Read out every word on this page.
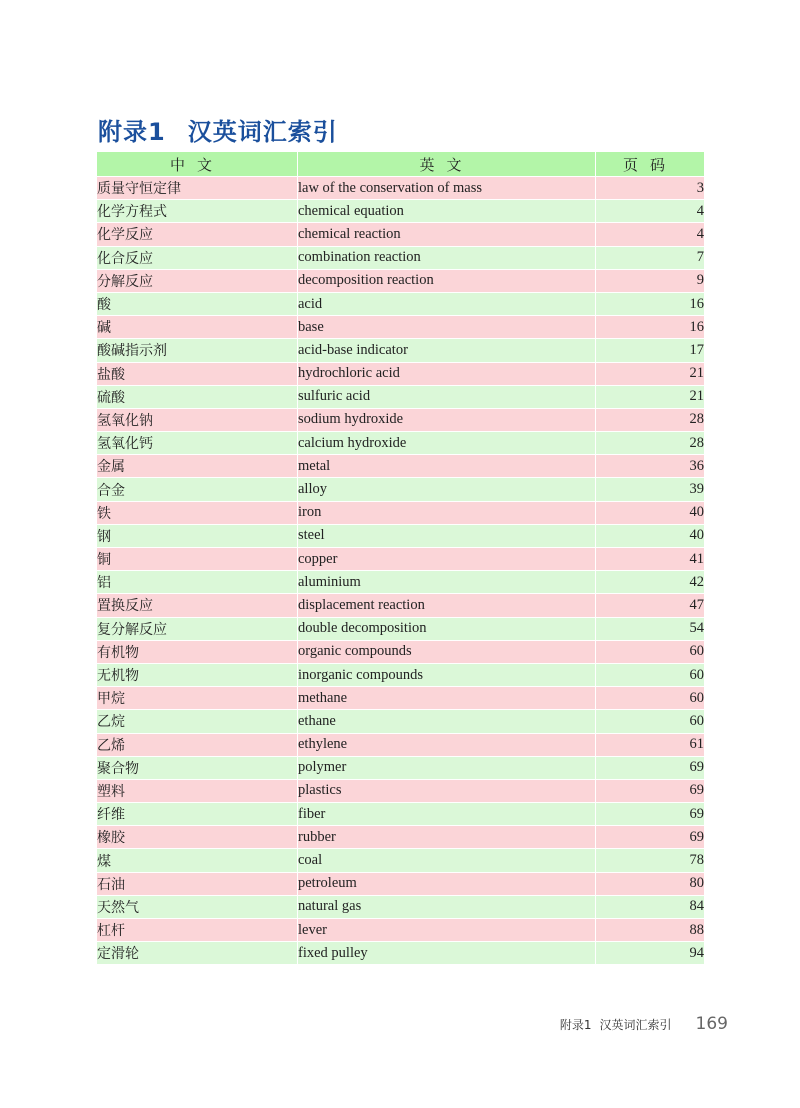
附录1 汉英词汇索引
中文	英文	页码
质量守恒定律	law of the conservation of mass	3
化学方程式	chemical equation	4
化学反应	chemical reaction	4
化合反应	combination reaction	7
分解反应	decomposition reaction	9
酸	acid	16
碱	base	16
酸碱指示剂	acid-base indicator	17
盐酸	hydrochloric acid	21
硫酸	sulfuric acid	21
氢氧化钠	sodium hydroxide	28
氢氧化钙	calcium hydroxide	28
金属	metal	36
合金	alloy	39
铁	iron	40
钢	steel	40
铜	copper	41
铝	aluminium	42
置换反应	displacement reaction	47
复分解反应	double decomposition	54
有机物	organic compounds	60
无机物	inorganic compounds	60
甲烷	methane	60
乙烷	ethane	60
乙烯	ethylene	61
聚合物	polymer	69
塑料	plastics	69
纤维	fiber	69
橡胶	rubber	69
煤	coal	78
石油	petroleum	80
天然气	natural gas	84
杠杆	lever	88
定滑轮	fixed pulley	94
附录1 汉英词汇索引 169
